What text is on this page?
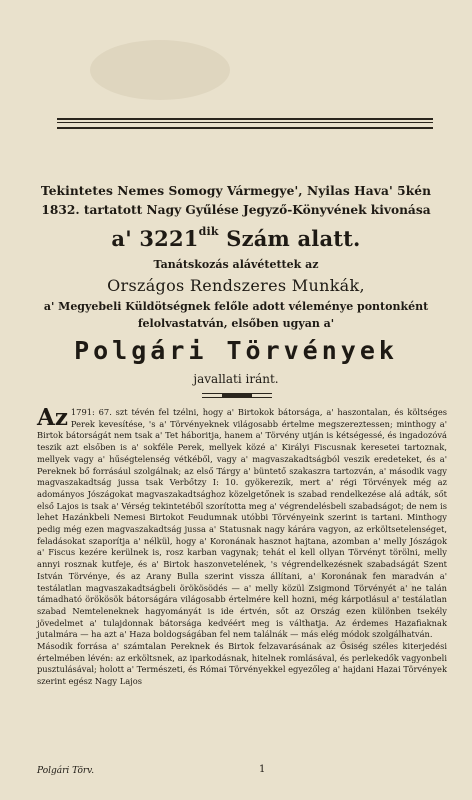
Tekintetes Nemes Somogy Vármegye', Nyilas Hava' 5kén
1832. tartatott Nagy Gyűlése Jegyző-Könyvének kivonása
a' $3221^{dik}$ Szám alatt.
Tanátskozás alávétettek az
Országos Rendszeres Munkák,
a' Megyebeli Küldötségnek felőle adott véleménye pontonként
felolvastatván, elsőben ugyan a'
Polgári Törvények
javallati iránt.

Az 1791: 67. szt tévén fel tzélni, hogy a' Birtokok bátorsága, a' haszontalan, és költséges Perek kevesítése, 's a' Törvényeknek világosabb értelme megszereztessen; minthogy a' Birtok bátorságát nem tsak a' Tet háboritja, hanem a' Törvény utján is kétségessé, és ingadozóvá teszik azt elsőben is a' sokféle Perek, mellyek közé a' Királyi Fiscusnak keresetei tartoznak, mellyek vagy a' hűségtelenség vétkéből, vagy a' magvaszakadtságból veszik eredeteket, és a' Pereknek bő forrásául szolgálnak; az első Tárgy a' büntető szakaszra tartozván, a' második vagy magvaszakadtság jussa tsak Verbőtzy I: 10. gyökerezik, mert a' régi Törvények még az adományos Jószágokat magvaszakadtsághoz közelgetőnek is szabad rendelkezése alá adták, sőt első Lajos is tsak a' Vérség tekintetéből szorította meg a' végrendelésbeli szabadságot; de nem is lehet Hazánkbeli Nemesi Birtokot Feudumnak utóbbi Törvényeink szerint is tartani. Minthogy pedig még ezen magvaszakadtság jussa a' Statusnak nagy kárára vagyon, az erköltsetelenséget, feladásokat szaporítja a' nélkül, hogy a' Koronának hasznot hajtana, azomban a' melly Jószágok a' Fiscus kezére kerülnek is, rosz karban vagynak; tehát el kell ollyan Törvényt törölni, melly annyi rosznak kutfeje, és a' Birtok haszonvetelének, 's végrendelkezésnek szabadságát Szent István Törvénye, és az Arany Bulla szerint vissza állítani, a' Koronának fen maradván a' testálatlan magvaszakadtságbeli örökösödés — a' melly közül Zsigmond Törvényét a' ne talán támadható örökösök bátorságára világosabb értelmére kell hozni, még kárpotlásul a' testálatlan szabad Nemteleneknek hagyományát is ide értvén, sőt az Ország ezen különben tsekély jövedelmet a' tulajdonnak bátorsága kedvéért meg is válthatja. Az érdemes Hazafiaknak jutalmára — ha azt a' Haza boldogságában fel nem találnák — más elég módok szolgálhatván.

Második forrása a' számtalan Pereknek és Birtok felzavarásának az Ősiség széles kiterjedési értelmében lévén: az erköltsnek, az iparkodásnak, hitelnek romlásával, és perlekedők vagyonbeli pusztulásával; holott a' Természeti, és Római Törvényekkel egyezőleg a' hajdani Hazai Törvények szerint egész Nagy Lajos

Polgári Törv.	1
